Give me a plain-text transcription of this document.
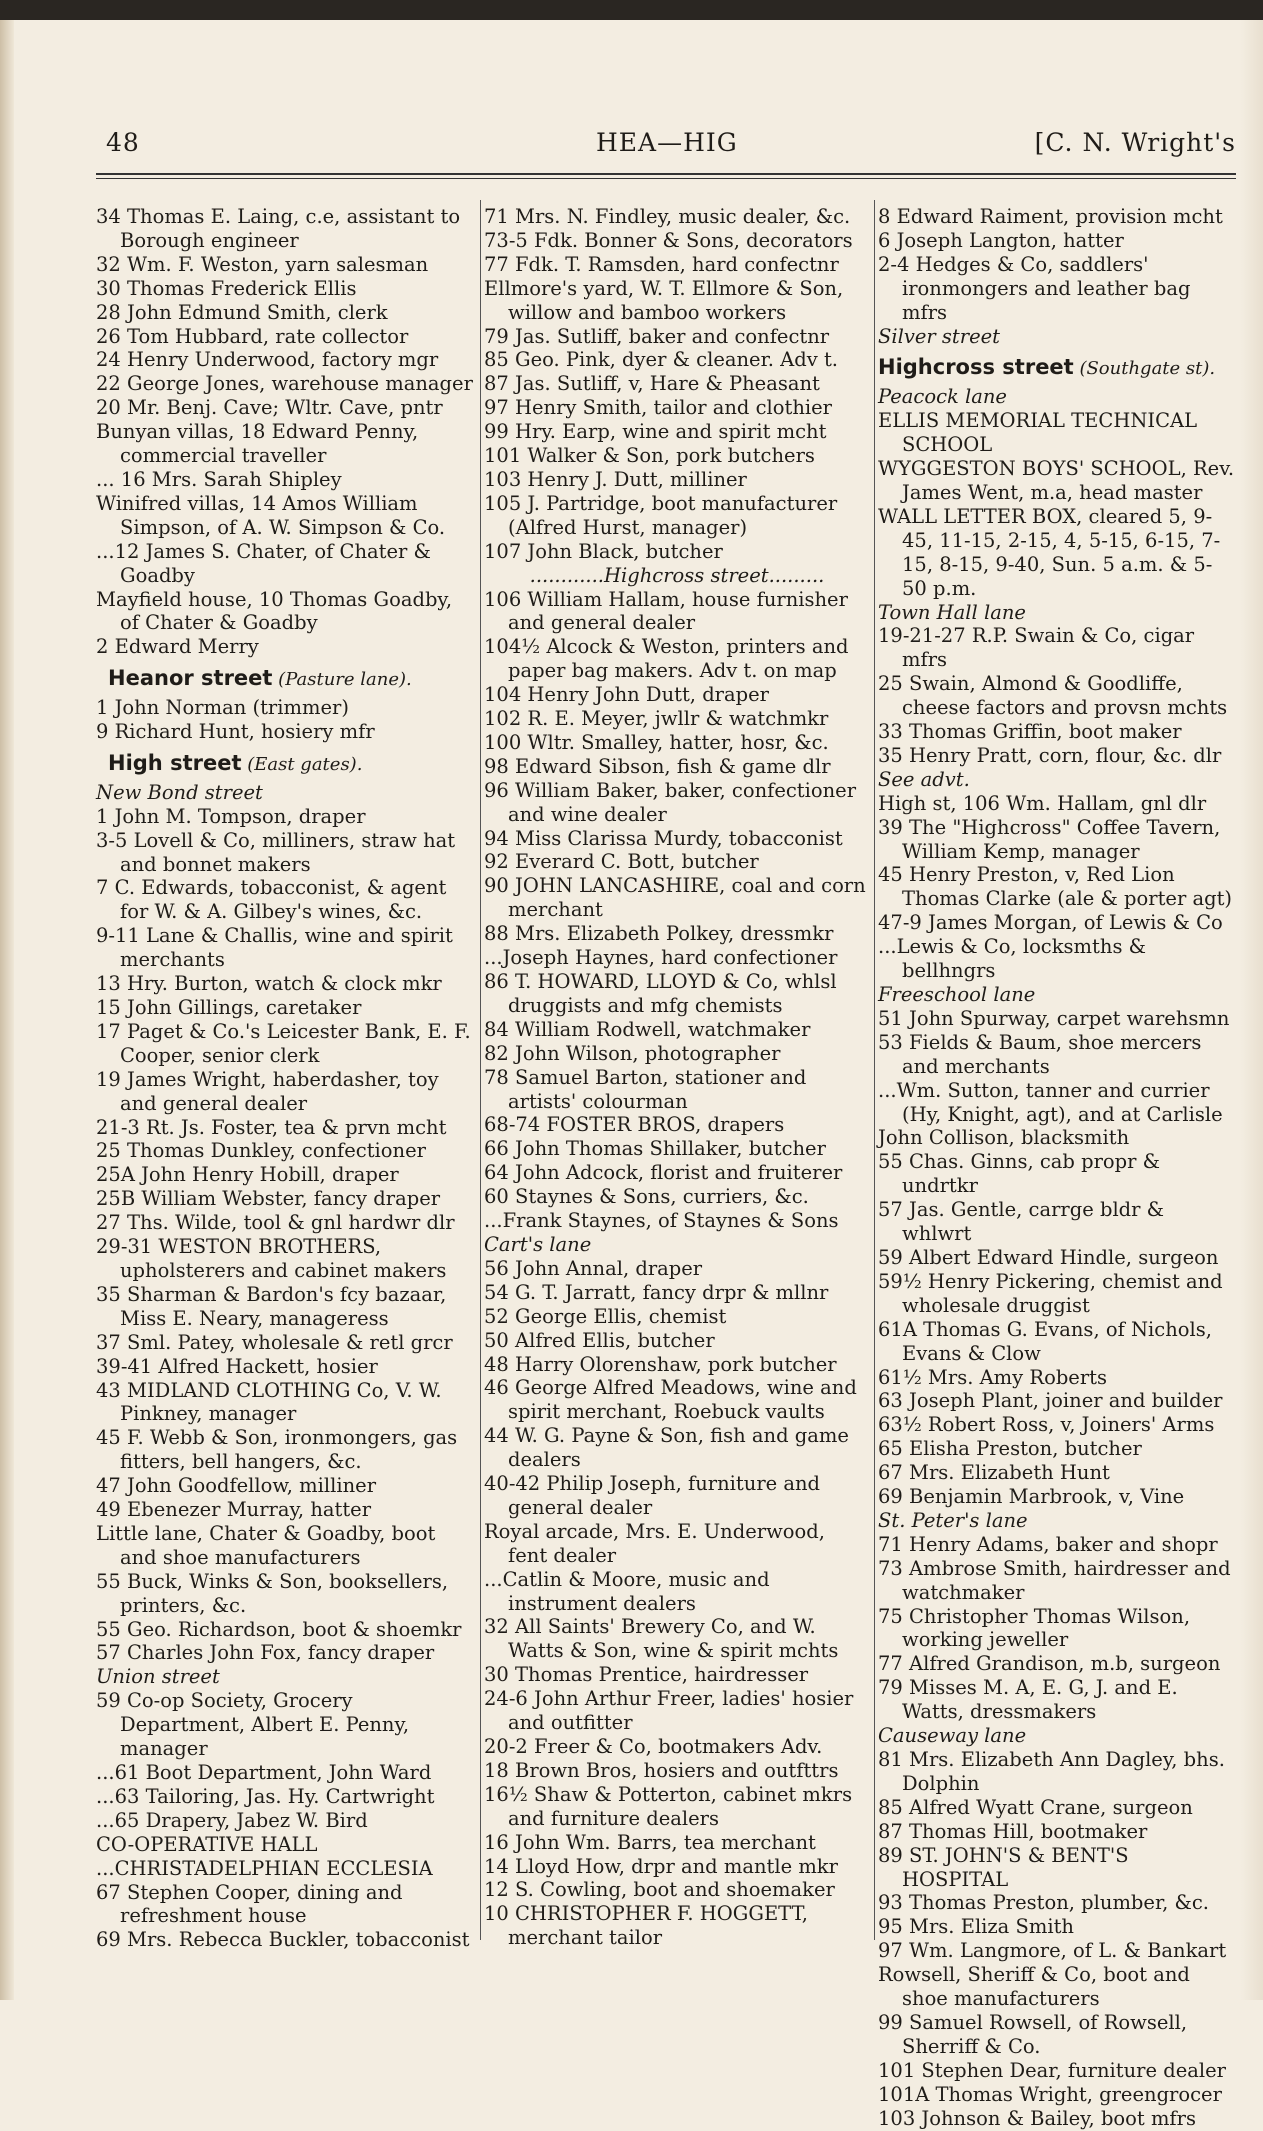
48	HEA—HIG	[C. N. Wright's
34 Thomas E. Laing, c.e, assistant to Borough engineer
32 Wm. F. Weston, yarn salesman
30 Thomas Frederick Ellis
28 John Edmund Smith, clerk
26 Tom Hubbard, rate collector
24 Henry Underwood, factory mgr
22 George Jones, warehouse manager
20 Mr. Benj. Cave; Wltr. Cave, pntr
Bunyan villas, 18 Edward Penny, commercial traveller
... 16 Mrs. Sarah Shipley
Winifred villas, 14 Amos William Simpson, of A. W. Simpson & Co.
...12 James S. Chater, of Chater & Goadby
Mayfield house, 10 Thomas Goadby, of Chater & Goadby
2 Edward Merry
Heanor street (Pasture lane).
1 John Norman (trimmer)
9 Richard Hunt, hosiery mfr
High street (East gates).
New Bond street
1 John M. Tompson, draper
3-5 Lovell & Co, milliners, straw hat and bonnet makers
7 C. Edwards, tobacconist, & agent for W. & A. Gilbey's wines, &c.
9-11 Lane & Challis, wine and spirit merchants
13 Hry. Burton, watch & clock mkr
15 John Gillings, caretaker
17 Paget & Co.'s Leicester Bank, E. F. Cooper, senior clerk
19 James Wright, haberdasher, toy and general dealer
21-3 Rt. Js. Foster, tea & prvn mcht
25 Thomas Dunkley, confectioner
25A John Henry Hobill, draper
25B William Webster, fancy draper
27 Ths. Wilde, tool & gnl hardwr dlr
29-31 WESTON BROTHERS, upholsterers and cabinet makers
35 Sharman & Bardon's fcy bazaar, Miss E. Neary, manageress
37 Sml. Patey, wholesale & retl grcr
39-41 Alfred Hackett, hosier
43 MIDLAND CLOTHING Co, V. W. Pinkney, manager
45 F. Webb & Son, ironmongers, gas fitters, bell hangers, &c.
47 John Goodfellow, milliner
49 Ebenezer Murray, hatter
Little lane, Chater & Goadby, boot and shoe manufacturers
55 Buck, Winks & Son, booksellers, printers, &c.
55 Geo. Richardson, boot & shoemkr
57 Charles John Fox, fancy draper
Union street
59 Co-op Society, Grocery Department, Albert E. Penny, manager
...61 Boot Department, John Ward
...63 Tailoring, Jas. Hy. Cartwright
...65 Drapery, Jabez W. Bird
CO-OPERATIVE HALL
...CHRISTADELPHIAN ECCLESIA
67 Stephen Cooper, dining and refreshment house
69 Mrs. Rebecca Buckler, tobacconist
71 Mrs. N. Findley, music dealer, &c.
73-5 Fdk. Bonner & Sons, decorators
77 Fdk. T. Ramsden, hard confectnr
Ellmore's yard, W. T. Ellmore & Son, willow and bamboo workers
79 Jas. Sutliff, baker and confectnr
85 Geo. Pink, dyer & cleaner. Adv t.
87 Jas. Sutliff, v, Hare & Pheasant
97 Henry Smith, tailor and clothier
99 Hry. Earp, wine and spirit mcht
101 Walker & Son, pork butchers
103 Henry J. Dutt, milliner
105 J. Partridge, boot manufacturer (Alfred Hurst, manager)
107 John Black, butcher
............Highcross street.........
106 William Hallam, house furnisher and general dealer
104½ Alcock & Weston, printers and paper bag makers. Adv t. on map
104 Henry John Dutt, draper
102 R. E. Meyer, jwllr & watchmkr
100 Wltr. Smalley, hatter, hosr, &c.
98 Edward Sibson, fish & game dlr
96 William Baker, baker, confectioner and wine dealer
94 Miss Clarissa Murdy, tobacconist
92 Everard C. Bott, butcher
90 JOHN LANCASHIRE, coal and corn merchant
88 Mrs. Elizabeth Polkey, dressmkr
...Joseph Haynes, hard confectioner
86 T. HOWARD, LLOYD & Co, whlsl druggists and mfg chemists
84 William Rodwell, watchmaker
82 John Wilson, photographer
78 Samuel Barton, stationer and artists' colourman
68-74 FOSTER BROS, drapers
66 John Thomas Shillaker, butcher
64 John Adcock, florist and fruiterer
60 Staynes & Sons, curriers, &c.
...Frank Staynes, of Staynes & Sons
Cart's lane
56 John Annal, draper
54 G. T. Jarratt, fancy drpr & mllnr
52 George Ellis, chemist
50 Alfred Ellis, butcher
48 Harry Olorenshaw, pork butcher
46 George Alfred Meadows, wine and spirit merchant, Roebuck vaults
44 W. G. Payne & Son, fish and game dealers
40-42 Philip Joseph, furniture and general dealer
Royal arcade, Mrs. E. Underwood, fent dealer
...Catlin & Moore, music and instrument dealers
32 All Saints' Brewery Co, and W. Watts & Son, wine & spirit mchts
30 Thomas Prentice, hairdresser
24-6 John Arthur Freer, ladies' hosier and outfitter
20-2 Freer & Co, bootmakers Adv.
18 Brown Bros, hosiers and outfttrs
16½ Shaw & Potterton, cabinet mkrs and furniture dealers
16 John Wm. Barrs, tea merchant
14 Lloyd How, drpr and mantle mkr
12 S. Cowling, boot and shoemaker
10 CHRISTOPHER F. HOGGETT, merchant tailor
8 Edward Raiment, provision mcht
6 Joseph Langton, hatter
2-4 Hedges & Co, saddlers' ironmongers and leather bag mfrs
Silver street
Highcross street (Southgate st).
Peacock lane
ELLIS MEMORIAL TECHNICAL SCHOOL
WYGGESTON BOYS' SCHOOL, Rev. James Went, m.a, head master
WALL LETTER BOX, cleared 5, 9-45, 11-15, 2-15, 4, 5-15, 6-15, 7-15, 8-15, 9-40, Sun. 5 a.m. & 5-50 p.m.
Town Hall lane
19-21-27 R.P. Swain & Co, cigar mfrs
25 Swain, Almond & Goodliffe, cheese factors and provsn mchts
33 Thomas Griffin, boot maker
35 Henry Pratt, corn, flour, &c. dlr
See advt.
High st, 106 Wm. Hallam, gnl dlr
39 The "Highcross" Coffee Tavern, William Kemp, manager
45 Henry Preston, v, Red Lion Thomas Clarke (ale & porter agt)
47-9 James Morgan, of Lewis & Co
...Lewis & Co, locksmths & bellhngrs
Freeschool lane
51 John Spurway, carpet warehsmn
53 Fields & Baum, shoe mercers and merchants
...Wm. Sutton, tanner and currier (Hy, Knight, agt), and at Carlisle
John Collison, blacksmith
55 Chas. Ginns, cab propr & undrtkr
57 Jas. Gentle, carrge bldr & whlwrt
59 Albert Edward Hindle, surgeon
59½ Henry Pickering, chemist and wholesale druggist
61A Thomas G. Evans, of Nichols, Evans & Clow
61½ Mrs. Amy Roberts
63 Joseph Plant, joiner and builder
63½ Robert Ross, v, Joiners' Arms
65 Elisha Preston, butcher
67 Mrs. Elizabeth Hunt
69 Benjamin Marbrook, v, Vine
St. Peter's lane
71 Henry Adams, baker and shopr
73 Ambrose Smith, hairdresser and watchmaker
75 Christopher Thomas Wilson, working jeweller
77 Alfred Grandison, m.b, surgeon
79 Misses M. A, E. G, J. and E. Watts, dressmakers
Causeway lane
81 Mrs. Elizabeth Ann Dagley, bhs. Dolphin
85 Alfred Wyatt Crane, surgeon
87 Thomas Hill, bootmaker
89 ST. JOHN'S & BENT'S HOSPITAL
93 Thomas Preston, plumber, &c.
95 Mrs. Eliza Smith
97 Wm. Langmore, of L. & Bankart
Rowsell, Sheriff & Co, boot and shoe manufacturers
99 Samuel Rowsell, of Rowsell, Sherriff & Co.
101 Stephen Dear, furniture dealer
101A Thomas Wright, greengrocer
103 Johnson & Bailey, boot mfrs
